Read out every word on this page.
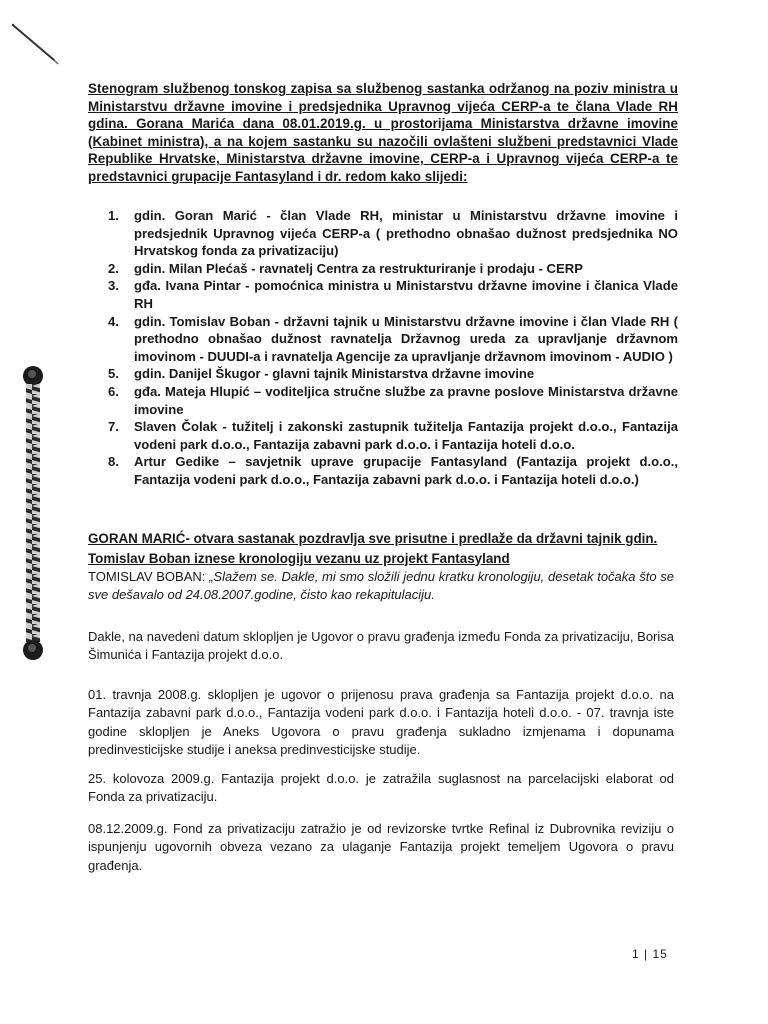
Stenogram službenog tonskog zapisa sa službenog sastanka održanog na poziv ministra u Ministarstvu državne imovine i predsjednika Upravnog vijeća CERP-a te člana Vlade RH gdina. Gorana Marića dana 08.01.2019.g. u prostorijama Ministarstva državne imovine (Kabinet ministra), a na kojem sastanku su nazočili ovlašteni službeni predstavnici Vlade Republike Hrvatske, Ministarstva državne imovine, CERP-a i Upravnog vijeća CERP-a te predstavnici grupacije Fantasyland i dr. redom kako slijedi:
1. gdin. Goran Marić - član Vlade RH, ministar u Ministarstvu državne imovine i predsjednik Upravnog vijeća CERP-a ( prethodno obnašao dužnost predsjednika NO Hrvatskog fonda za privatizaciju)
2. gdin. Milan Plećaš - ravnatelj Centra za restrukturiranje i prodaju - CERP
3. gđa. Ivana Pintar - pomoćnica ministra u Ministarstvu državne imovine i članica Vlade RH
4. gdin. Tomislav Boban - državni tajnik u Ministarstvu državne imovine i član Vlade RH ( prethodno obnašao dužnost ravnatelja Državnog ureda za upravljanje državnom imovinom - DUUDI-a i ravnatelja Agencije za upravljanje državnom imovinom - AUDIO )
5. gdin. Danijel Škugor - glavni tajnik Ministarstva državne imovine
6. gđa. Mateja Hlupić – voditeljica stručne službe za pravne poslove Ministarstva državne imovine
7. Slaven Čolak - tužitelj i zakonski zastupnik tužitelja Fantazija projekt d.o.o., Fantazija vodeni park d.o.o., Fantazija zabavni park d.o.o. i Fantazija hoteli d.o.o.
8. Artur Gedike – savjetnik uprave grupacije Fantasyland (Fantazija projekt d.o.o., Fantazija vodeni park d.o.o., Fantazija zabavni park d.o.o. i Fantazija hoteli d.o.o.)
GORAN MARIĆ- otvara sastanak pozdravlja sve prisutne i predlaže da državni tajnik gdin. Tomislav Boban iznese kronologiju vezanu uz projekt Fantasyland

TOMISLAV BOBAN: „Slažem se. Dakle, mi smo složili jednu kratku kronologiju, desetak točaka što se sve dešavalo od 24.08.2007.godine, čisto kao rekapitulaciju.

Dakle, na navedeni datum sklopljen je Ugovor o pravu građenja između Fonda za privatizaciju, Borisa Šimunića i Fantazija projekt d.o.o.

01. travnja 2008.g. sklopljen je ugovor o prijenosu prava građenja sa Fantazija projekt d.o.o. na Fantazija zabavni park d.o.o., Fantazija vodeni park d.o.o. i Fantazija hoteli d.o.o. - 07. travnja iste godine sklopljen je Aneks Ugovora o pravu građenja sukladno izmjenama i dopunama predinvesticijske studije i aneksa predinvesticijske studije.

25. kolovoza 2009.g. Fantazija projekt d.o.o. je zatražila suglasnost na parcelacijski elaborat od Fonda za privatizaciju.

08.12.2009.g. Fond za privatizaciju zatražio je od revizorske tvrtke Refinal iz Dubrovnika reviziju o ispunjenju ugovornih obveza vezano za ulaganje Fantazija projekt temeljem Ugovora o pravu građenja.

1 | 15
